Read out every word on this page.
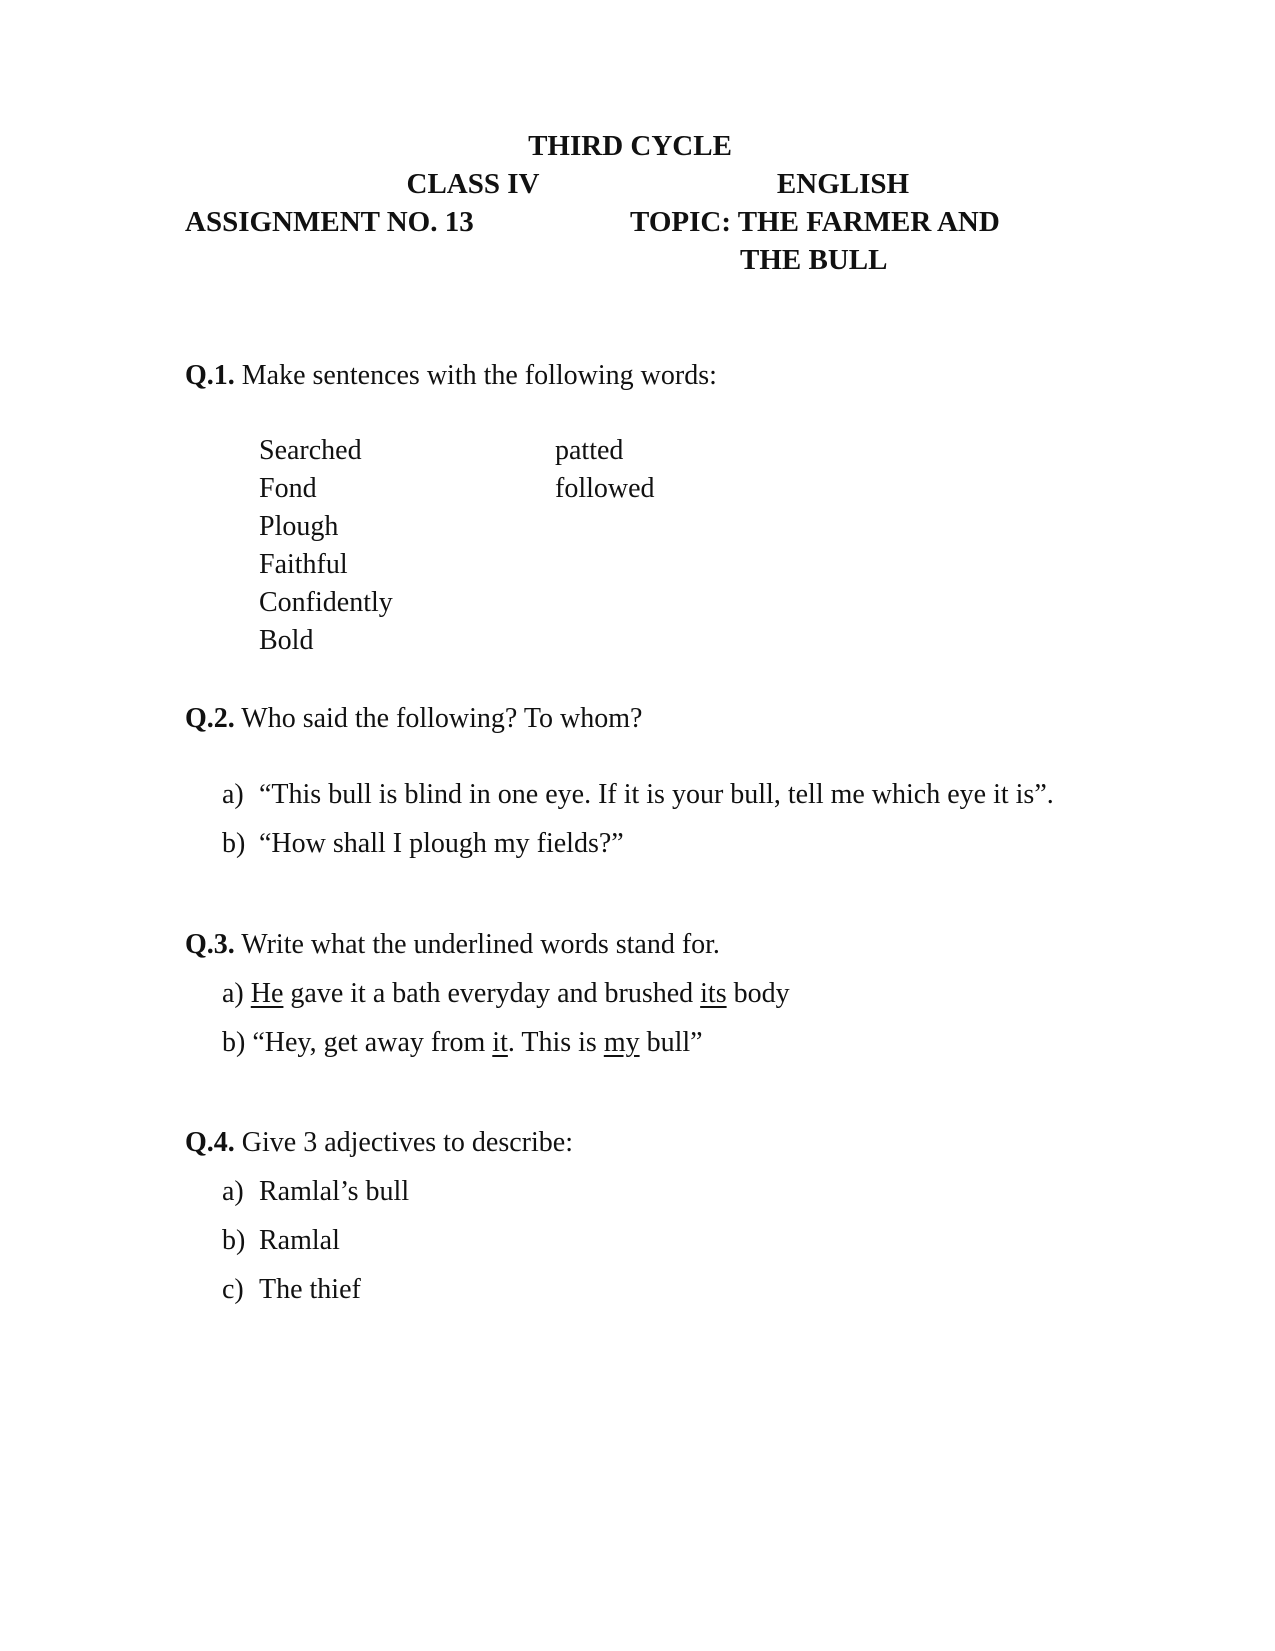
THIRD CYCLE
CLASS IV	ENGLISH
ASSIGNMENT NO. 13	TOPIC: THE FARMER AND
THE BULL
Q.1. Make sentences with the following words:
Searched
Fond
Plough
Faithful
Confidently
Bold
patted
followed
Q.2. Who said the following? To whom?
a) “This bull is blind in one eye. If it is your bull, tell me which eye it is”.
b) “How shall I plough my fields?”
Q.3. Write what the underlined words stand for.
a) He gave it a bath everyday and brushed its body
b) “Hey, get away from it. This is my bull”
Q.4. Give 3 adjectives to describe:
a) Ramlal’s bull
b) Ramlal
c) The thief
